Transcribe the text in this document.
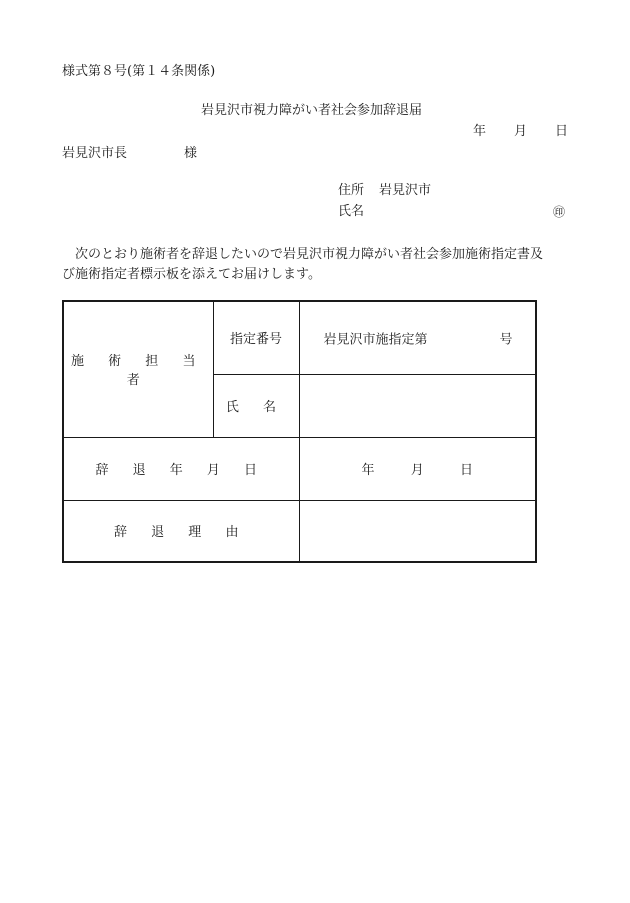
様式第８号(第１４条関係)
岩見沢市視力障がい者社会参加辞退届
年 月 日
岩見沢市長	様
住所 岩見沢市
氏名	㊞
次のとおり施術者を辞退したいので岩見沢市視力障がい者社会参加施術指定書及
び施術指定者標示板を添えてお届けします。
施 術 担 当 者	指定番号	岩見沢市施指定第 号

	氏 名	
辞 退 年 月 日		年 月 日
辞 退 理 由		
